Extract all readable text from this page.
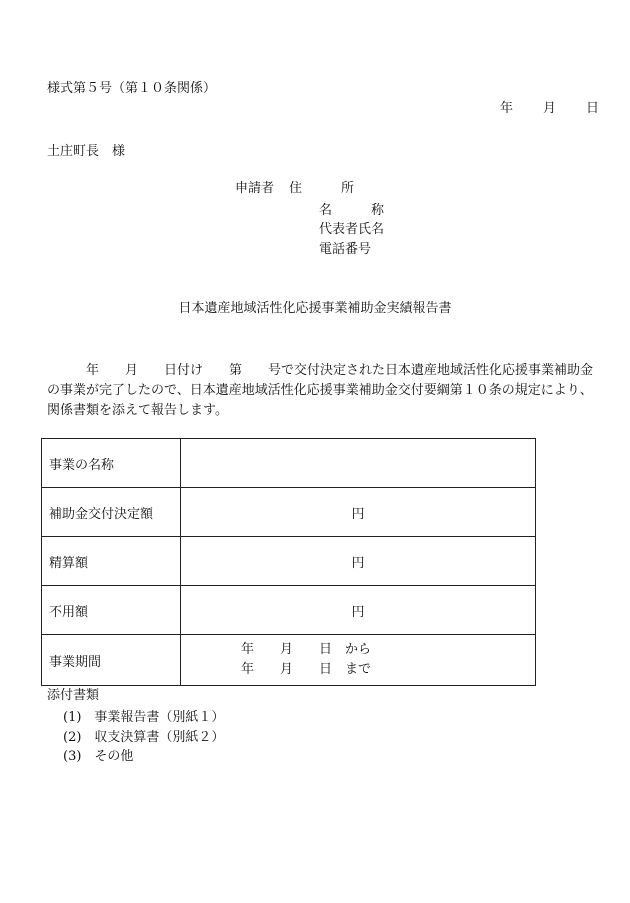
様式第５号（第１０条関係）
年 月 日
土庄町長　様
申請者 住　　　所
名　　　称
代表者氏名
電話番号
日本遺産地域活性化応援事業補助金実績報告書
　　　年　　月　　日付け　　第　　号で交付決定された日本遺産地域活性化応援事業補助金の事業が完了したので、日本遺産地域活性化応援事業補助金交付要綱第１０条の規定により、関係書類を添えて報告します。
事業の名称	
補助金交付決定額	円
精算額	円
不用額	円
事業期間	年　　月　　日　から
年　　月　　日　まで
添付書類
(1)　事業報告書（別紙１）
(2)　収支決算書（別紙２）
(3)　その他
